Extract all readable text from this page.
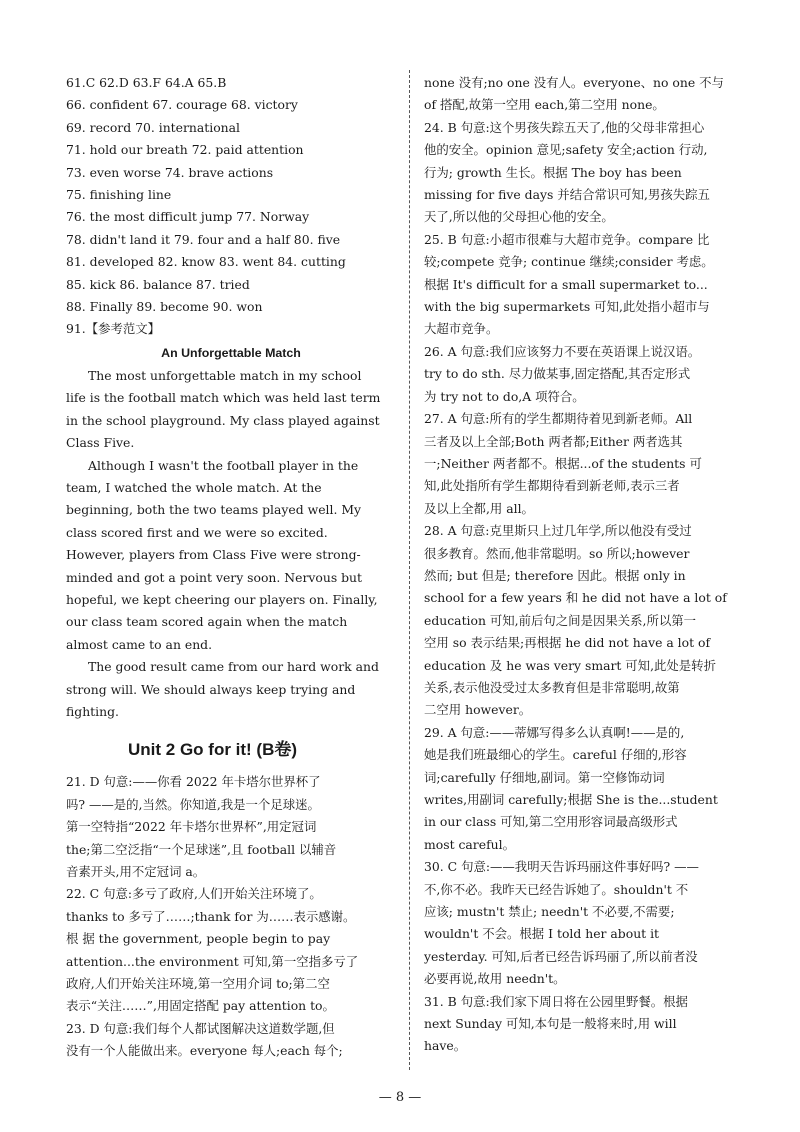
61.C 62.D 63.F 64.A 65.B
66. confident 67. courage 68. victory
69. record 70. international
71. hold our breath 72. paid attention
73. even worse 74. brave actions
75. finishing line
76. the most difficult jump 77. Norway
78. didn't land it 79. four and a half 80. five
81. developed 82. know 83. went 84. cutting
85. kick 86. balance 87. tried
88. Finally 89. become 90. won
91.【参考范文】
An Unforgettable Match
The most unforgettable match in my school
life is the football match which was held last term
in the school playground. My class played against
Class Five.
Although I wasn't the football player in the
team, I watched the whole match. At the
beginning, both the two teams played well. My
class scored first and we were so excited.
However, players from Class Five were strong-
minded and got a point very soon. Nervous but
hopeful, we kept cheering our players on. Finally,
our class team scored again when the match
almost came to an end.
The good result came from our hard work and
strong will. We should always keep trying and
fighting.
Unit 2 Go for it! (B卷)
21. D 句意:——你看 2022 年卡塔尔世界杯了
吗? ——是的,当然。你知道,我是一个足球迷。
第一空特指“2022 年卡塔尔世界杯”,用定冠词
the;第二空泛指“一个足球迷”,且 football 以辅音
音素开头,用不定冠词 a。
22. C 句意:多亏了政府,人们开始关注环境了。
thanks to 多亏了……;thank for 为……表示感谢。
根 据 the government, people begin to pay
attention...the environment 可知,第一空指多亏了
政府,人们开始关注环境,第一空用介词 to;第二空
表示“关注……”,用固定搭配 pay attention to。
23. D 句意:我们每个人都试图解决这道数学题,但
没有一个人能做出来。everyone 每人;each 每个;
none 没有;no one 没有人。everyone、no one 不与
of 搭配,故第一空用 each,第二空用 none。
24. B 句意:这个男孩失踪五天了,他的父母非常担心
他的安全。opinion 意见;safety 安全;action 行动,
行为; growth 生长。根据 The boy has been
missing for five days 并结合常识可知,男孩失踪五
天了,所以他的父母担心他的安全。
25. B 句意:小超市很难与大超市竞争。compare 比
较;compete 竞争; continue 继续;consider 考虑。
根据 It's difficult for a small supermarket to...
with the big supermarkets 可知,此处指小超市与
大超市竞争。
26. A 句意:我们应该努力不要在英语课上说汉语。
try to do sth. 尽力做某事,固定搭配,其否定形式
为 try not to do,A 项符合。
27. A 句意:所有的学生都期待着见到新老师。All
三者及以上全部;Both 两者都;Either 两者选其
一;Neither 两者都不。根据...of the students 可
知,此处指所有学生都期待看到新老师,表示三者
及以上全都,用 all。
28. A 句意:克里斯只上过几年学,所以他没有受过
很多教育。然而,他非常聪明。so 所以;however
然而; but 但是; therefore 因此。根据 only in
school for a few years 和 he did not have a lot of
education 可知,前后句之间是因果关系,所以第一
空用 so 表示结果;再根据 he did not have a lot of
education 及 he was very smart 可知,此处是转折
关系,表示他没受过太多教育但是非常聪明,故第
二空用 however。
29. A 句意:——蒂娜写得多么认真啊!——是的,
她是我们班最细心的学生。careful 仔细的,形容
词;carefully 仔细地,副词。第一空修饰动词
writes,用副词 carefully;根据 She is the...student
in our class 可知,第二空用形容词最高级形式
most careful。
30. C 句意:——我明天告诉玛丽这件事好吗? ——
不,你不必。我昨天已经告诉她了。shouldn't 不
应该; mustn't 禁止; needn't 不必要,不需要;
wouldn't 不会。根据 I told her about it
yesterday. 可知,后者已经告诉玛丽了,所以前者没
必要再说,故用 needn't。
31. B 句意:我们家下周日将在公园里野餐。根据
next Sunday 可知,本句是一般将来时,用 will
have。
— 8 —
